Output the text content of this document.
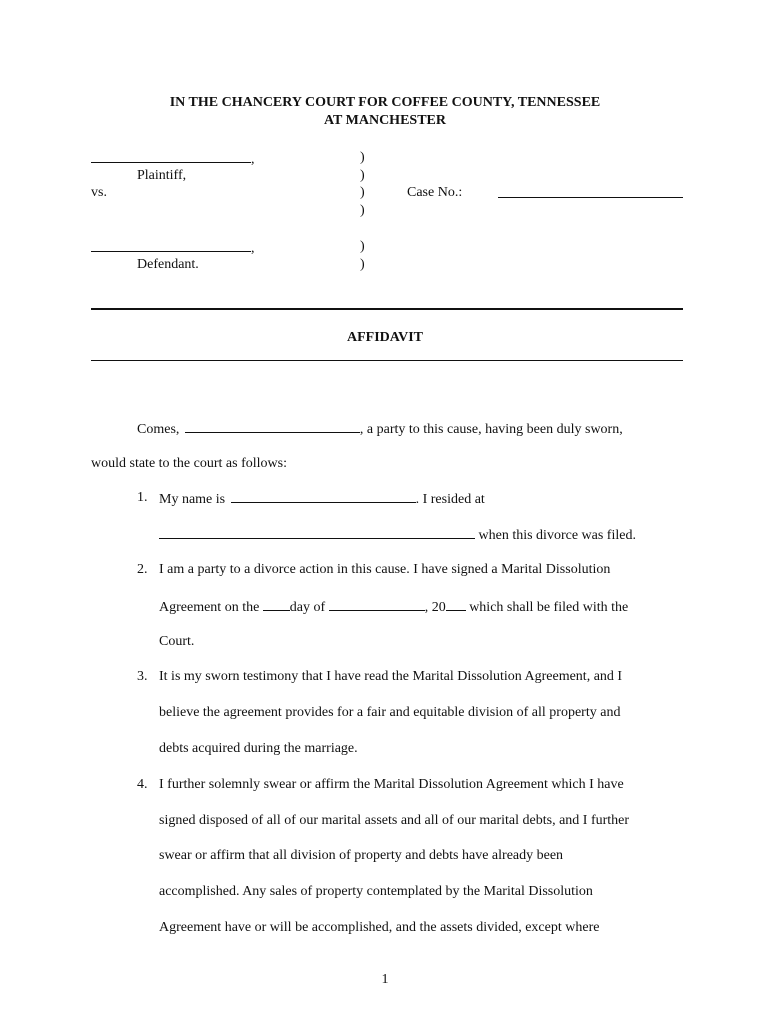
IN THE CHANCERY COURT FOR COFFEE COUNTY, TENNESSEE
AT MANCHESTER
,
Plaintiff,
vs.
,
Defendant.
)
)
)
)
)
)
Case No.:
AFFIDAVIT
Comes,	, a party to this cause, having been duly sworn,
would state to the court as follows:
1. My name is	. I resided at
when this divorce was filed.
2. I am a party to a divorce action in this cause. I have signed a Marital Dissolution
Agreement on the day of	, 20 which shall be filed with the
Court.
3. It is my sworn testimony that I have read the Marital Dissolution Agreement, and I
believe the agreement provides for a fair and equitable division of all property and
debts acquired during the marriage.
4. I further solemnly swear or affirm the Marital Dissolution Agreement which I have
signed disposed of all of our marital assets and all of our marital debts, and I further
swear or affirm that all division of property and debts have already been
accomplished. Any sales of property contemplated by the Marital Dissolution
Agreement have or will be accomplished, and the assets divided, except where
1
